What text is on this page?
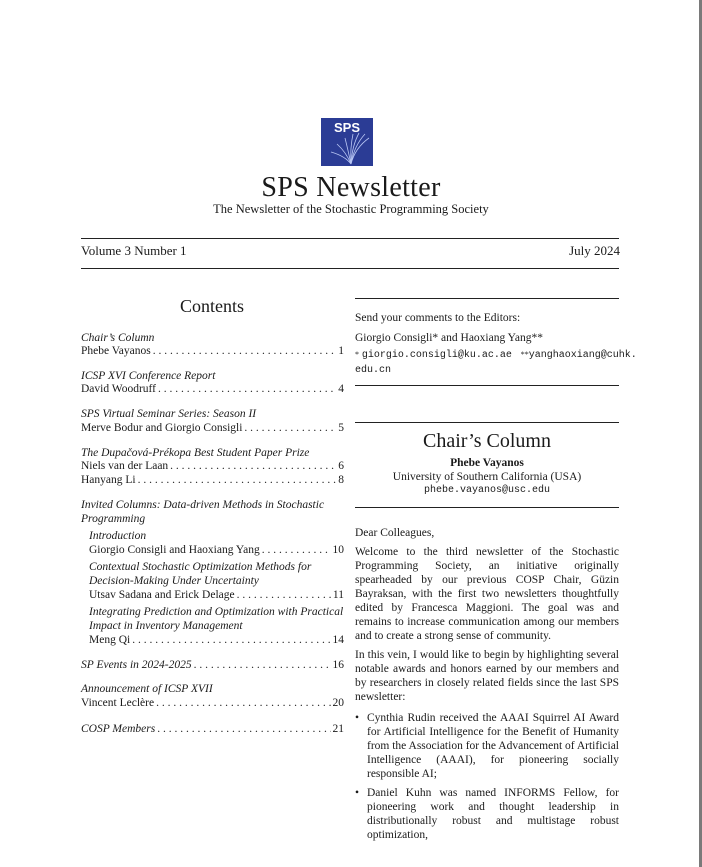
SPS
SPS Newsletter
The Newsletter of the Stochastic Programming Society
Volume 3 Number 1	July 2024
Contents
Chair’s Column
Phebe Vayanos . . .	1
ICSP XVI Conference Report
David Woodruff . . .	4
SPS Virtual Seminar Series: Season II
Merve Bodur and Giorgio Consigli . . .	5
The Dupačová-Prékopa Best Student Paper Prize
Niels van der Laan . . .	6
Hanyang Li . . .	8
Invited Columns: Data-driven Methods in Stochastic Programming
Introduction
Giorgio Consigli and Haoxiang Yang . . .	10
Contextual Stochastic Optimization Methods for Decision-Making Under Uncertainty
Utsav Sadana and Erick Delage . . .	11
Integrating Prediction and Optimization with Practical Impact in Inventory Management
Meng Qi . . .	14
SP Events in 2024-2025 . . .	16
Announcement of ICSP XVII
Vincent Leclère . . .	20
COSP Members . . .	21
Send your comments to the Editors:
Giorgio Consigli* and Haoxiang Yang**
* giorgio.consigli@ku.ac.ae **yanghaoxiang@cuhk.
edu.cn
Chair’s Column
Phebe Vayanos
University of Southern California (USA)
phebe.vayanos@usc.edu
Dear Colleagues,
Welcome to the third newsletter of the Stochastic Programming Society, an initiative originally spearheaded by our previous COSP Chair, Güzin Bayraksan, with the first two newsletters thoughtfully edited by Francesca Maggioni. The goal was and remains to increase communication among our members and to create a strong sense of community.
In this vein, I would like to begin by highlighting several notable awards and honors earned by our members and by researchers in closely related fields since the last SPS newsletter:
• Cynthia Rudin received the AAAI Squirrel AI Award for Artificial Intelligence for the Benefit of Humanity from the Association for the Advancement of Artificial Intelligence (AAAI), for pioneering socially responsible AI;
• Daniel Kuhn was named INFORMS Fellow, for pioneering work and thought leadership in distributionally robust and multistage robust optimization,
